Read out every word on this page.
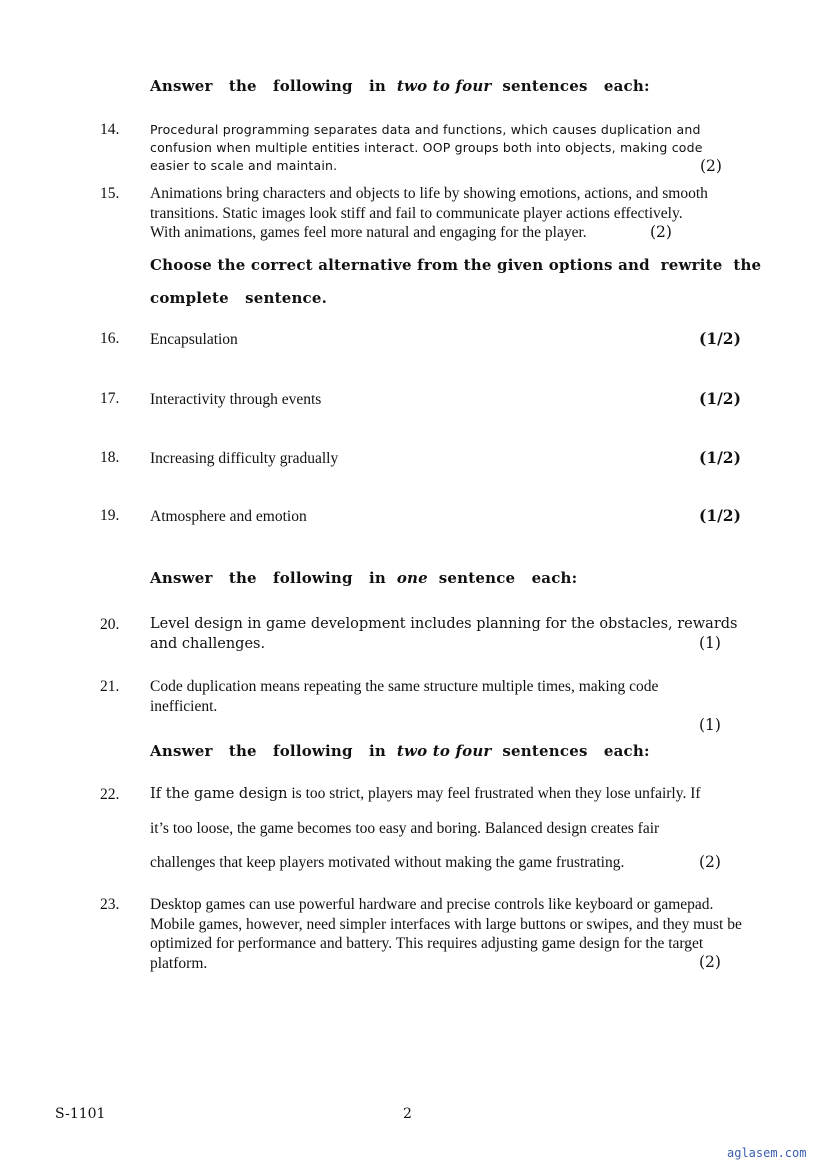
Answer   the   following   in  two to four  sentences   each:
14. Procedural programming separates data and functions, which causes duplication and confusion when multiple entities interact. OOP groups both into objects, making code easier to scale and maintain.	(2)
15. Animations bring characters and objects to life by showing emotions, actions, and smooth
transitions. Static images look stiff and fail to communicate player actions effectively.
With animations, games feel more natural and engaging for the player.	(2)
Choose the correct alternative from the given options and  rewrite  the
complete   sentence.
16. Encapsulation	(1/2)
17. Interactivity through events	(1/2)
18. Increasing difficulty gradually	(1/2)
19. Atmosphere and emotion	(1/2)
Answer   the   following   in  one  sentence   each:
20. Level design in game development includes planning for the obstacles, rewards and challenges.	(1)
21. Code duplication means repeating the same structure multiple times, making code inefficient.
(1)
Answer   the   following   in  two to four  sentences   each:
22. If the game design is too strict, players may feel frustrated when they lose unfairly. If
it’s too loose, the game becomes too easy and boring. Balanced design creates fair
challenges that keep players motivated without making the game frustrating.	(2)
23. Desktop games can use powerful hardware and precise controls like keyboard or gamepad. Mobile games, however, need simpler interfaces with large buttons or swipes, and they must be optimized for performance and battery. This requires adjusting game design for the target platform.	(2)
S-1101	2
aglasem.com
